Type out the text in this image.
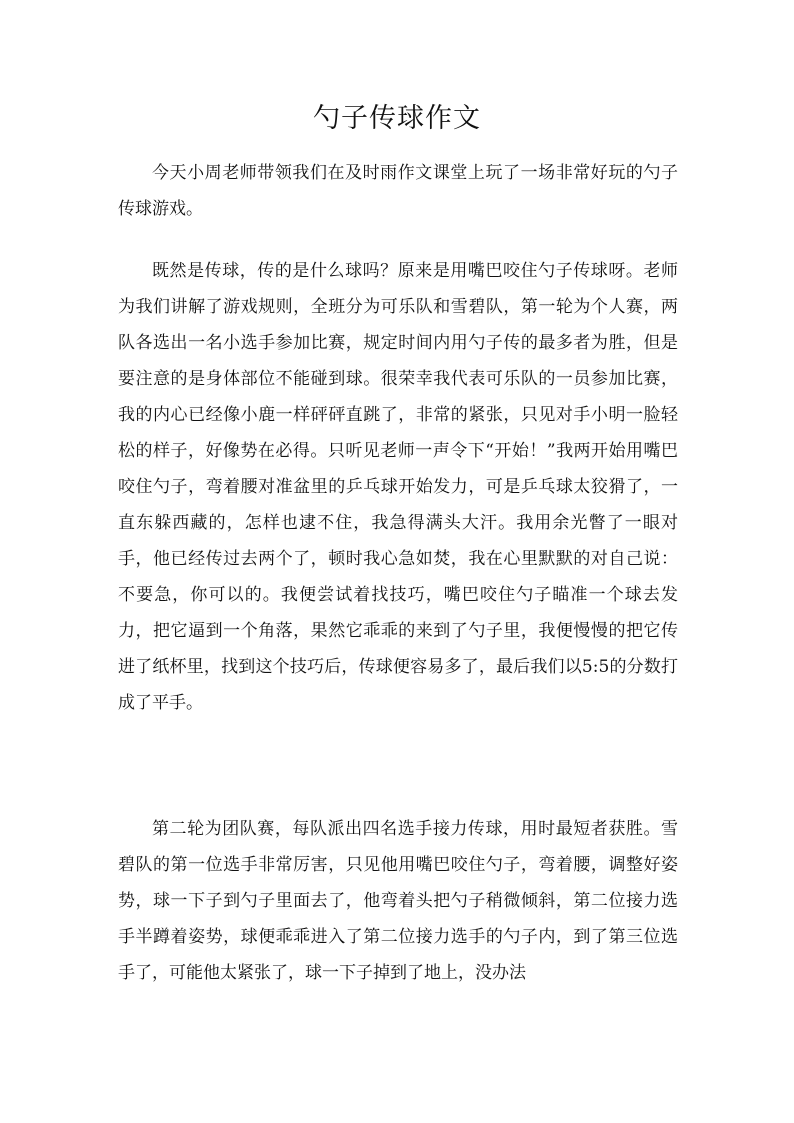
勺子传球作文

今天小周老师带领我们在及时雨作文课堂上玩了一场非常好玩的勺子传球游戏。

既然是传球，传的是什么球吗？原来是用嘴巴咬住勺子传球呀。老师为我们讲解了游戏规则，全班分为可乐队和雪碧队，第一轮为个人赛，两队各选出一名小选手参加比赛，规定时间内用勺子传的最多者为胜，但是要注意的是身体部位不能碰到球。很荣幸我代表可乐队的一员参加比赛，我的内心已经像小鹿一样砰砰直跳了，非常的紧张，只见对手小明一脸轻松的样子，好像势在必得。只听见老师一声令下“开始！”我两开始用嘴巴咬住勺子，弯着腰对准盆里的乒乓球开始发力，可是乒乓球太狡猾了，一直东躲西藏的，怎样也逮不住，我急得满头大汗。我用余光瞥了一眼对手，他已经传过去两个了，顿时我心急如焚，我在心里默默的对自己说：不要急，你可以的。我便尝试着找技巧，嘴巴咬住勺子瞄准一个球去发力，把它逼到一个角落，果然它乖乖的来到了勺子里，我便慢慢的把它传进了纸杯里，找到这个技巧后，传球便容易多了，最后我们以5:5的分数打成了平手。

第二轮为团队赛，每队派出四名选手接力传球，用时最短者获胜。雪碧队的第一位选手非常厉害，只见他用嘴巴咬住勺子，弯着腰，调整好姿势，球一下子到勺子里面去了，他弯着头把勺子稍微倾斜，第二位接力选手半蹲着姿势，球便乖乖进入了第二位接力选手的勺子内，到了第三位选手了，可能他太紧张了，球一下子掉到了地上，没办法
